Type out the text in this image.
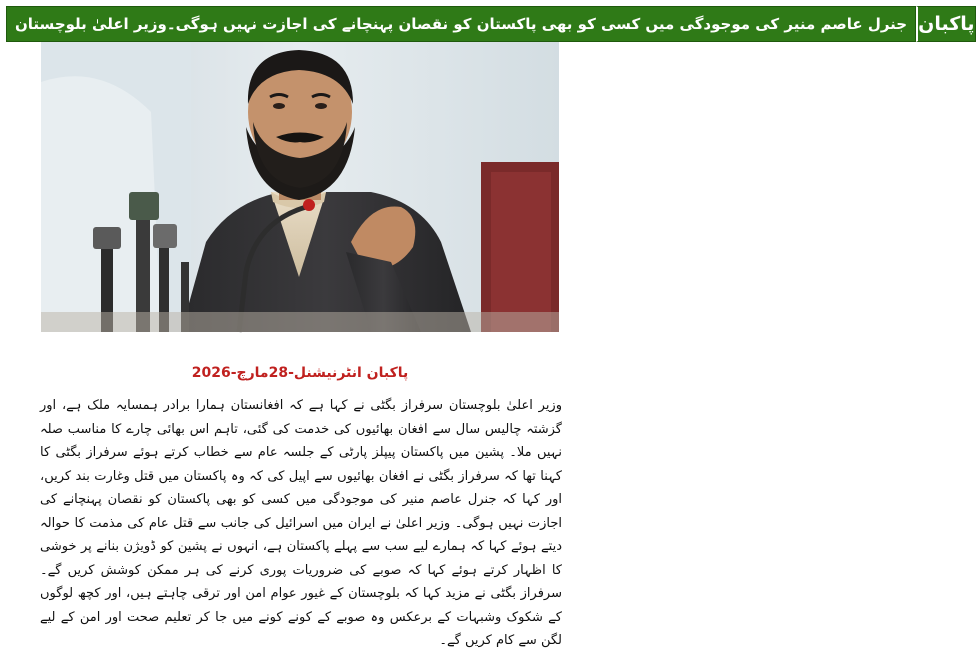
جنرل عاصم منیر کی موجودگی میں کسی کو بھی پاکستان کو نقصان پہنچانے کی اجازت نہیں ہوگی۔وزیر اعلیٰ بلوچستان پاکبان
پاکبان انٹرنیشنل-28مارچ-2026
وزیر اعلیٰ بلوچستان سرفراز بگٹی نے کہا ہے کہ افغانستان ہمارا برادر ہمسایہ ملک ہے، اور گزشتہ چالیس سال سے افغان بھائیوں کی خدمت کی گئی، تاہم اس بھائی چارے کا مناسب صلہ نہیں ملا۔ پشین میں پاکستان پیپلز پارٹی کے جلسہ عام سے خطاب کرتے ہوئے سرفراز بگٹی کا کہنا تھا کہ سرفراز بگٹی نے افغان بھائیوں سے اپیل کی کہ وہ پاکستان میں قتل وغارت بند کریں، اور کہا کہ جنرل عاصم منیر کی موجودگی میں کسی کو بھی پاکستان کو نقصان پہنچانے کی اجازت نہیں ہوگی۔ وزیر اعلیٰ نے ایران میں اسرائیل کی جانب سے قتل عام کی مذمت کا حوالہ دیتے ہوئے کہا کہ ہمارے لیے سب سے پہلے پاکستان ہے، انہوں نے پشین کو ڈویژن بنانے پر خوشی کا اظہار کرتے ہوئے کہا کہ صوبے کی ضروریات پوری کرنے کی ہر ممکن کوشش کریں گے۔ سرفراز بگٹی نے مزید کہا کہ بلوچستان کے غیور عوام امن اور ترقی چاہتے ہیں، اور کچھ لوگوں کے شکوک وشبہات کے برعکس وہ صوبے کے کونے کونے میں جا کر تعلیم صحت اور امن کے لیے لگن سے کام کریں گے۔
